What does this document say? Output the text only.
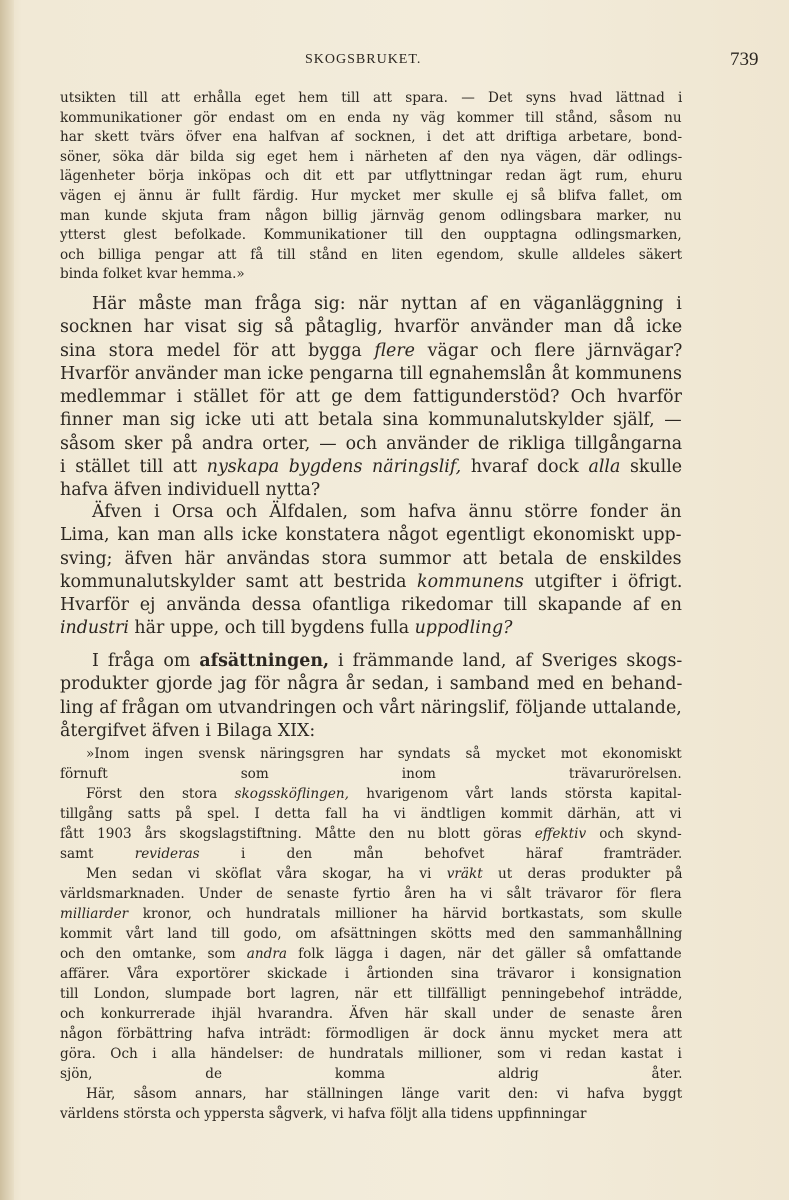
SKOGSBRUKET.	739
utsikten till att erhålla eget hem till att spara. — Det syns hvad lättnad i
kommunikationer gör endast om en enda ny väg kommer till stånd, såsom nu
har skett tvärs öfver ena halfvan af socknen, i det att driftiga arbetare, bond-
söner, söka där bilda sig eget hem i närheten af den nya vägen, där odlings-
lägenheter börja inköpas och dit ett par utflyttningar redan ägt rum, ehuru
vägen ej ännu är fullt färdig. Hur mycket mer skulle ej så blifva fallet, om
man kunde skjuta fram någon billig järnväg genom odlingsbara marker, nu
ytterst glest befolkade. Kommunikationer till den oupptagna odlingsmarken,
och billiga pengar att få till stånd en liten egendom, skulle alldeles säkert
binda folket kvar hemma.»
Här måste man fråga sig: när nyttan af en väganläggning i
socknen har visat sig så påtaglig, hvarför använder man då icke
sina stora medel för att bygga flere vägar och flere järnvägar?
Hvarför använder man icke pengarna till egnahemslån åt kommunens
medlemmar i stället för att ge dem fattigunderstöd? Och hvarför
finner man sig icke uti att betala sina kommunalutskylder själf, —
såsom sker på andra orter, — och använder de rikliga tillgångarna
i stället till att nyskapa bygdens näringslif, hvaraf dock alla skulle
hafva äfven individuell nytta?
Äfven i Orsa och Älfdalen, som hafva ännu större fonder än
Lima, kan man alls icke konstatera något egentligt ekonomiskt upp-
sving; äfven här användas stora summor att betala de enskildes
kommunalutskylder samt att bestrida kommunens utgifter i öfrigt.
Hvarför ej använda dessa ofantliga rikedomar till skapande af en
industri här uppe, och till bygdens fulla uppodling?
I fråga om afsättningen, i främmande land, af Sveriges skogs-
produkter gjorde jag för några år sedan, i samband med en behand-
ling af frågan om utvandringen och vårt näringslif, följande uttalande,
återgifvet äfven i Bilaga XIX:
»Inom ingen svensk näringsgren har syndats så mycket mot ekonomiskt
förnuft som inom trävarurörelsen.
Först den stora skogssköflingen, hvarigenom vårt lands största kapital-
tillgång satts på spel. I detta fall ha vi ändtligen kommit därhän, att vi
fått 1903 års skogslagstiftning. Måtte den nu blott göras effektiv och skynd-
samt revideras i den mån behofvet häraf framträder.
Men sedan vi sköflat våra skogar, ha vi vräkt ut deras produkter på
världsmarknaden. Under de senaste fyrtio åren ha vi sålt trävaror för flera
milliarder kronor, och hundratals millioner ha härvid bortkastats, som skulle
kommit vårt land till godo, om afsättningen skötts med den sammanhållning
och den omtanke, som andra folk lägga i dagen, när det gäller så omfattande
affärer. Våra exportörer skickade i årtionden sina trävaror i konsignation
till London, slumpade bort lagren, när ett tillfälligt penningebehof inträdde,
och konkurrerade ihjäl hvarandra. Äfven här skall under de senaste åren
någon förbättring hafva inträdt: förmodligen är dock ännu mycket mera att
göra. Och i alla händelser: de hundratals millioner, som vi redan kastat i
sjön, de komma aldrig åter.
Här, såsom annars, har ställningen länge varit den: vi hafva byggt
världens största och yppersta sågverk, vi hafva följt alla tidens uppfinningar
